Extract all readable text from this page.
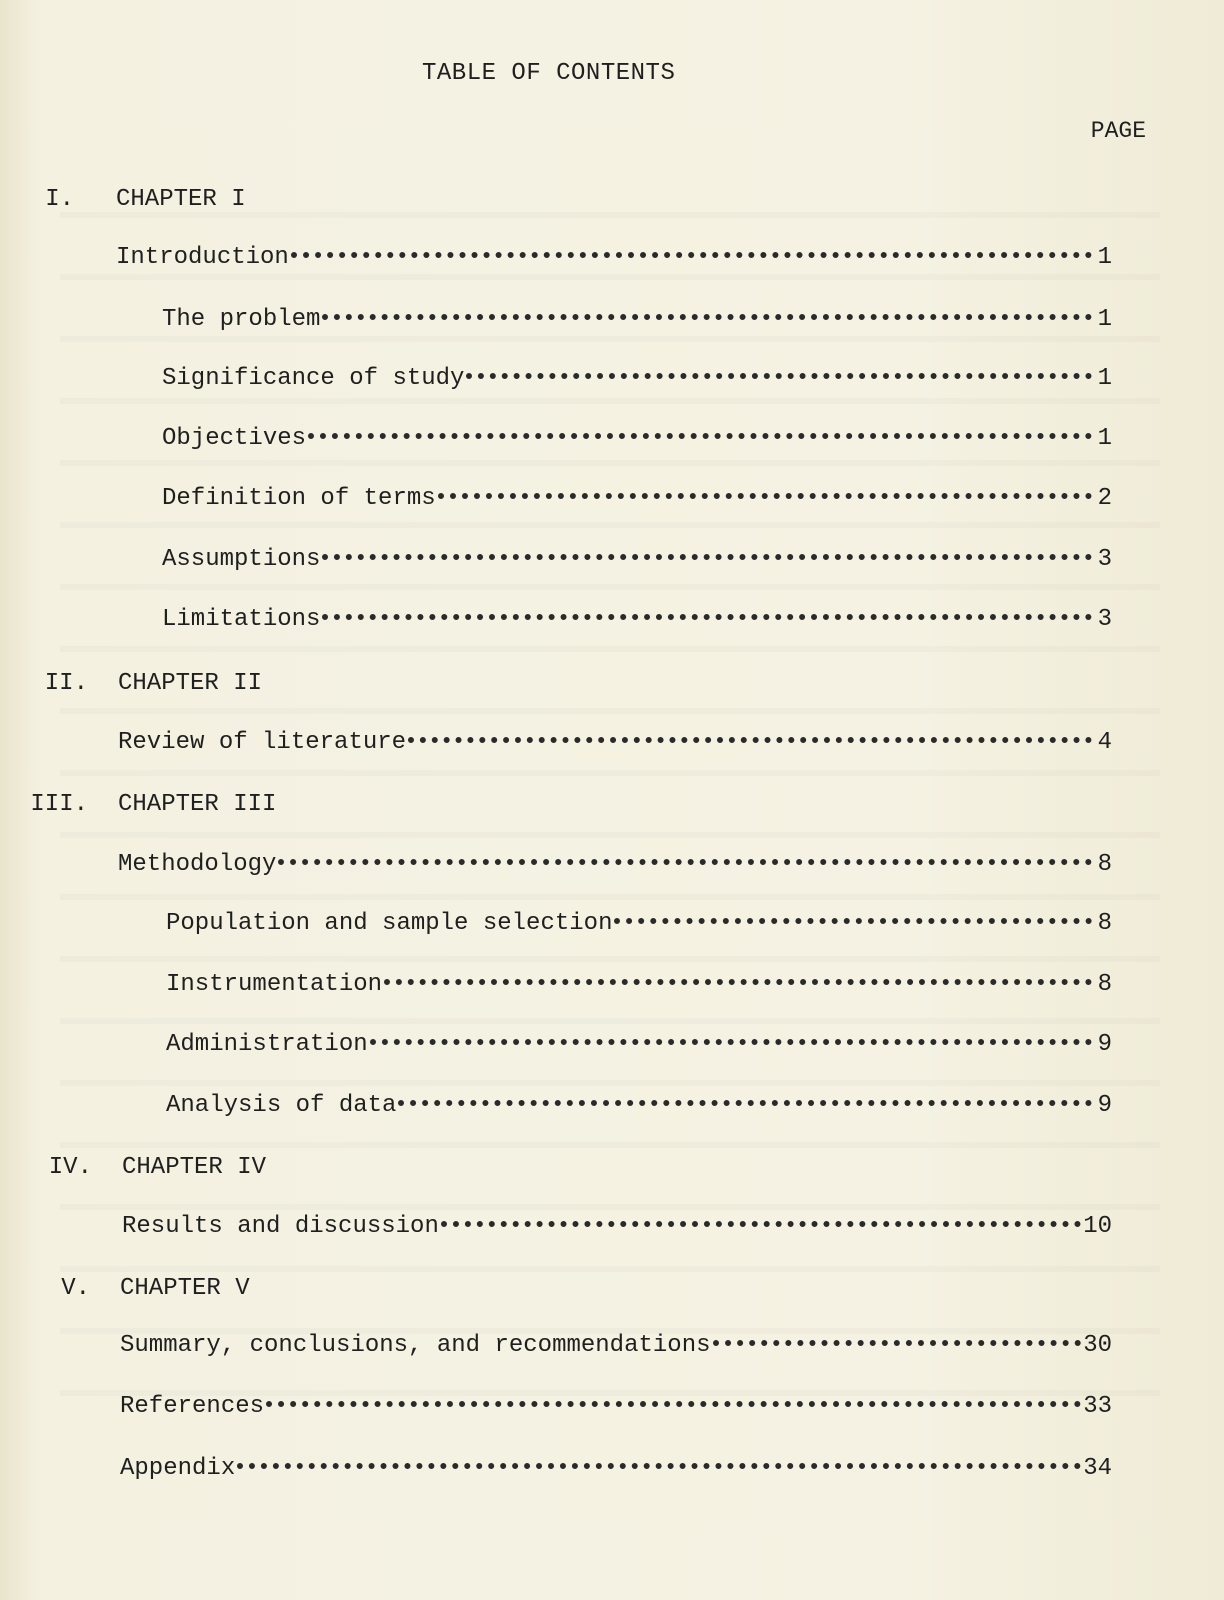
TABLE OF CONTENTS
PAGE
I. CHAPTER I
Introduction	1
The problem	1
Significance of study	1
Objectives	1
Definition of terms	2
Assumptions	3
Limitations	3
II. CHAPTER II
Review of literature	4
III. CHAPTER III
Methodology	8
Population and sample selection	8
Instrumentation	8
Administration	9
Analysis of data	9
IV. CHAPTER IV
Results and discussion	10
V. CHAPTER V
Summary, conclusions, and recommendations	30
References	33
Appendix	34
